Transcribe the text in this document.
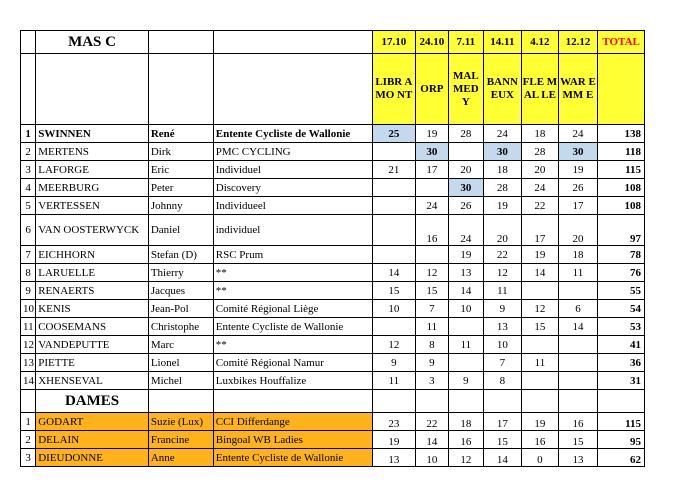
	MAS C			17.10	24.10	7.11	14.11	4.12	12.12	TOTAL
				LIBR AMO NT	ORP	MAL MED Y	BANN EUX	FLE MAL LE	WAR EMM E	
1	SWINNEN	René	Entente Cycliste de Wallonie	25	19	28	24	18	24	138
2	MERTENS	Dirk	PMC CYCLING		30		30	28	30	118
3	LAFORGE	Eric	Individuel	21	17	20	18	20	19	115
4	MEERBURG	Peter	Discovery			30	28	24	26	108
5	VERTESSEN	Johnny	Individueel		24	26	19	22	17	108
6	VAN OOSTERWYCK	Daniel	individuel		16	24	20	17	20	97
7	EICHHORN	Stefan (D)	RSC Prum			19	22	19	18	78
8	LARUELLE	Thierry	**	14	12	13	12	14	11	76
9	RENAERTS	Jacques	**	15	15	14	11			55
10	KENIS	Jean-Pol	Comité Régional Liège	10	7	10	9	12	6	54
11	COOSEMANS	Christophe	Entente Cycliste de Wallonie		11		13	15	14	53
12	VANDEPUTTE	Marc	**	12	8	11	10			41
13	PIETTE	Lionel	Comité Régional Namur	9	9		7	11		36
14	XHENSEVAL	Michel	Luxbikes Houffalize	11	3	9	8			31
	DAMES									
1	GODART	Suzie (Lux)	CCI Differdange	23	22	18	17	19	16	115
2	DELAIN	Francine	Bingoal WB Ladies	19	14	16	15	16	15	95
3	DIEUDONNE	Anne	Entente Cycliste de Wallonie	13	10	12	14	0	13	62
